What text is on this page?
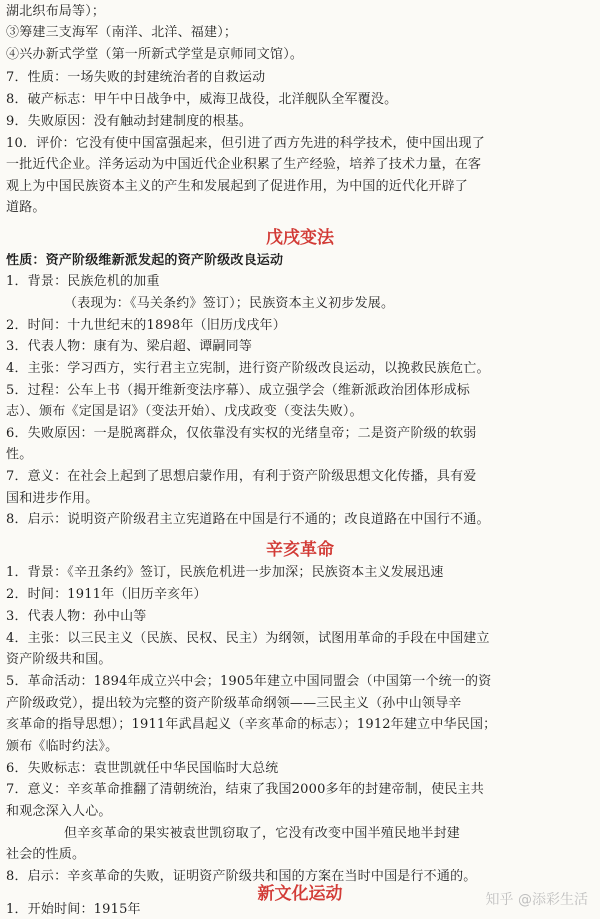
湖北织布局等）；
③筹建三支海军（南洋、北洋、福建）；
④兴办新式学堂（第一所新式学堂是京师同文馆）。
7．性质：一场失败的封建统治者的自救运动
8．破产标志：甲午中日战争中，威海卫战役，北洋舰队全军覆没。
9．失败原因：没有触动封建制度的根基。
10．评价：它没有使中国富强起来，但引进了西方先进的科学技术，使中国出现了
一批近代企业。洋务运动为中国近代企业积累了生产经验，培养了技术力量，在客
观上为中国民族资本主义的产生和发展起到了促进作用，为中国的近代化开辟了
道路。
戊戌变法
性质：资产阶级维新派发起的资产阶级改良运动
1．背景：民族危机的加重
（表现为：《马关条约》签订）；民族资本主义初步发展。
2．时间：十九世纪末的1898年（旧历戊戌年）
3．代表人物：康有为、梁启超、谭嗣同等
4．主张：学习西方，实行君主立宪制，进行资产阶级改良运动，以挽救民族危亡。
5．过程：公车上书（揭开维新变法序幕）、成立强学会（维新派政治团体形成标
志）、颁布《定国是诏》（变法开始）、戊戌政变（变法失败）。
6．失败原因：一是脱离群众，仅依靠没有实权的光绪皇帝；二是资产阶级的软弱
性。
7．意义：在社会上起到了思想启蒙作用，有利于资产阶级思想文化传播，具有爱
国和进步作用。
8．启示：说明资产阶级君主立宪道路在中国是行不通的；改良道路在中国行不通。
辛亥革命
1．背景：《辛丑条约》签订，民族危机进一步加深；民族资本主义发展迅速
2．时间：1911年（旧历辛亥年）
3．代表人物：孙中山等
4．主张：以三民主义（民族、民权、民主）为纲领，试图用革命的手段在中国建立
资产阶级共和国。
5．革命活动：1894年成立兴中会；1905年建立中国同盟会（中国第一个统一的资
产阶级政党），提出较为完整的资产阶级革命纲领——三民主义（孙中山领导辛
亥革命的指导思想）；1911年武昌起义（辛亥革命的标志）；1912年建立中华民国；
颁布《临时约法》。
6．失败标志：袁世凯就任中华民国临时大总统
7．意义：辛亥革命推翻了清朝统治，结束了我国2000多年的封建帝制，使民主共
和观念深入人心。
但辛亥革命的果实被袁世凯窃取了，它没有改变中国半殖民地半封建
社会的性质。
8．启示：辛亥革命的失败，证明资产阶级共和国的方案在当时中国是行不通的。
新文化运动
1．开始时间：1915年
知乎 @添彩生活
